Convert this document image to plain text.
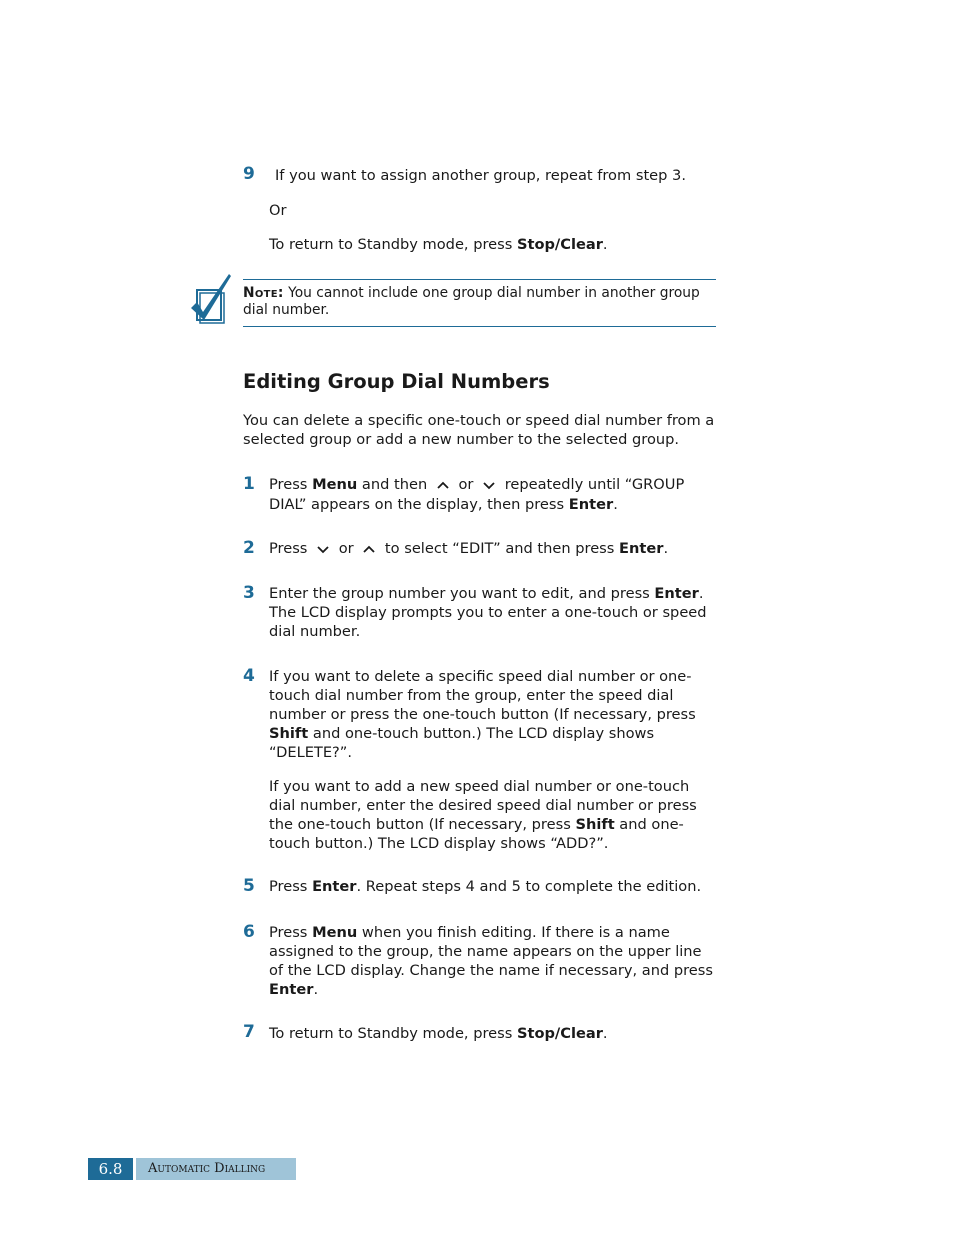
9 If you want to assign another group, repeat from step 3.
Or
To return to Standby mode, press Stop/Clear.
Note: You cannot include one group dial number in another group dial number.
Editing Group Dial Numbers
You can delete a specific one-touch or speed dial number from a selected group or add a new number to the selected group.
1 Press Menu and then  or  repeatedly until “GROUP DIAL” appears on the display, then press Enter.
2 Press  or  to select “EDIT” and then press Enter.
3 Enter the group number you want to edit, and press Enter. The LCD display prompts you to enter a one-touch or speed dial number.
4 If you want to delete a specific speed dial number or one-touch dial number from the group, enter the speed dial number or press the one-touch button (If necessary, press Shift and one-touch button.) The LCD display shows “DELETE?”.
If you want to add a new speed dial number or one-touch dial number, enter the desired speed dial number or press the one-touch button (If necessary, press Shift and one-touch button.) The LCD display shows “ADD?”.
5 Press Enter. Repeat steps 4 and 5 to complete the edition.
6 Press Menu when you finish editing. If there is a name assigned to the group, the name appears on the upper line of the LCD display. Change the name if necessary, and press Enter.
7 To return to Standby mode, press Stop/Clear.
6.8	Automatic Dialling
